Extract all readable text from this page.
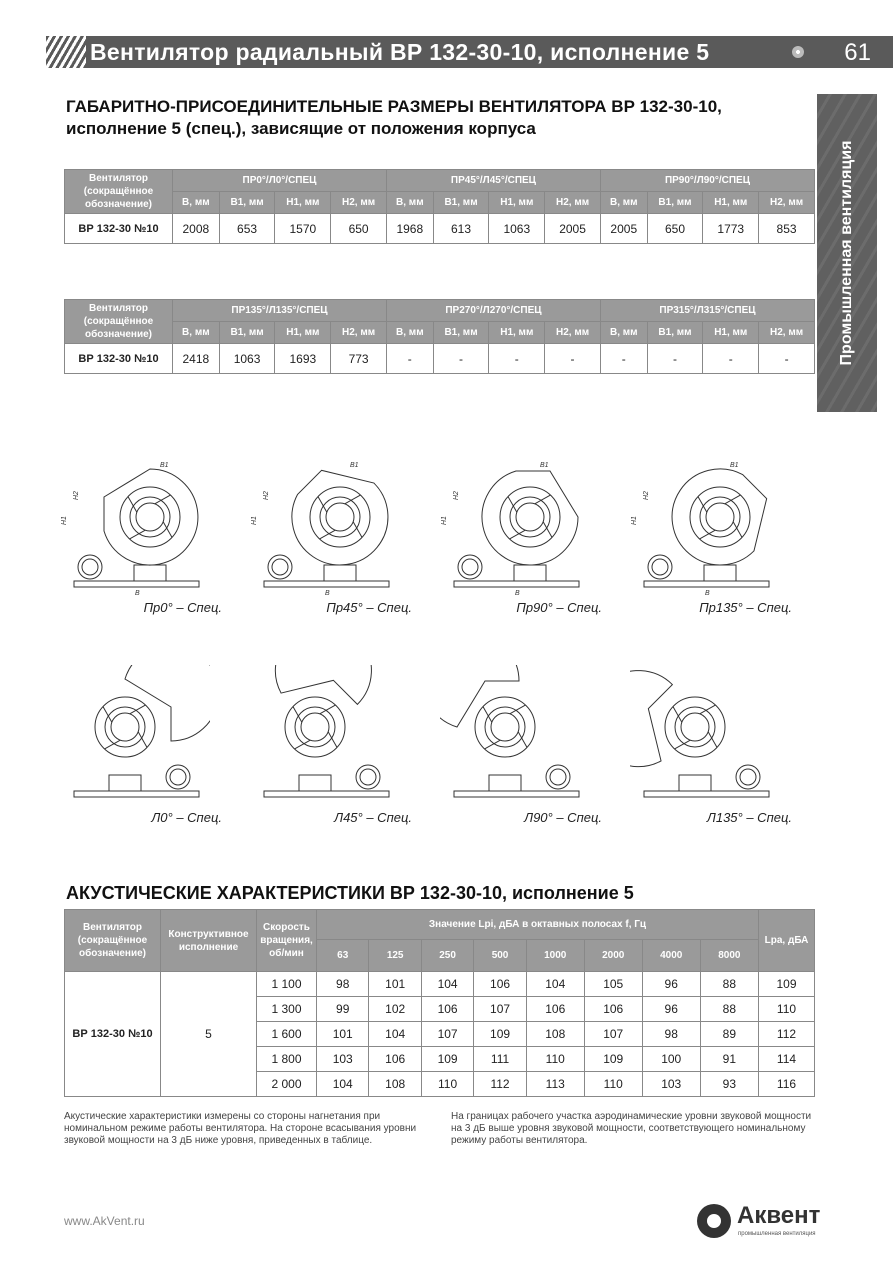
Вентилятор радиальный ВР 132-30-10, исполнение 5	61
Промышленная вентиляция
ГАБАРИТНО-ПРИСОЕДИНИТЕЛЬНЫЕ РАЗМЕРЫ ВЕНТИЛЯТОРА ВР 132-30-10,
исполнение 5 (спец.), зависящие от положения корпуса
Вентилятор (сокращённое обозначение)	ПР0°/Л0°/СПЕЦ				ПР45°/Л45°/СПЕЦ				ПР90°/Л90°/СПЕЦ			
	В, мм	В1, мм	Н1, мм	Н2, мм	В, мм	В1, мм	Н1, мм	Н2, мм	В, мм	В1, мм	Н1, мм	Н2, мм
ВР 132-30 №10	2008	653	1570	650	1968	613	1063	2005	2005	650	1773	853
Вентилятор (сокращённое обозначение)	ПР135°/Л135°/СПЕЦ				ПР270°/Л270°/СПЕЦ				ПР315°/Л315°/СПЕЦ			
	В, мм	В1, мм	Н1, мм	Н2, мм	В, мм	В1, мм	Н1, мм	Н2, мм	В, мм	В1, мм	Н1, мм	Н2, мм
ВР 132-30 №10	2418	1063	1693	773	-	-	-	-	-	-	-	-
B1
B
H1
H2
Пр0° – Спец.
B1
B
H1
H2
Пр45° – Спец.
B1
B
H1
H2
Пр90° – Спец.
B1
B
H1
H2
Пр135° – Спец.
Л0° – Спец.	Л45° – Спец.	Л90° – Спец.	Л135° – Спец.
АКУСТИЧЕСКИЕ ХАРАКТЕРИСТИКИ ВР 132-30-10, исполнение 5
Вентилятор (сокращённое обозначение)	Конструктивное исполнение	Скорость вращения, об/мин	Значение Lpi, дБА в октавных полосах f, Гц								Lpa, дБА
			63	125	250	500	1000	2000	4000	8000	
ВР 132-30 №10	5	1 100	98	101	104	106	104	105	96	88	109
		1 300	99	102	106	107	106	106	96	88	110
		1 600	101	104	107	109	108	107	98	89	112
		1 800	103	106	109	111	110	109	100	91	114
		2 000	104	108	110	112	113	110	103	93	116
Акустические характеристики измерены со стороны нагнетания при номинальном режиме работы вентилятора. На стороне всасывания уровни звуковой мощности на 3 дБ ниже уровня, приведенных в таблице.
На границах рабочего участка аэродинамические уровни звуковой мощности на 3 дБ выше уровня звуковой мощности, соответствующего номинальному режиму работы вентилятора.
www.AkVent.ru	Аквент
промышленная вентиляция
